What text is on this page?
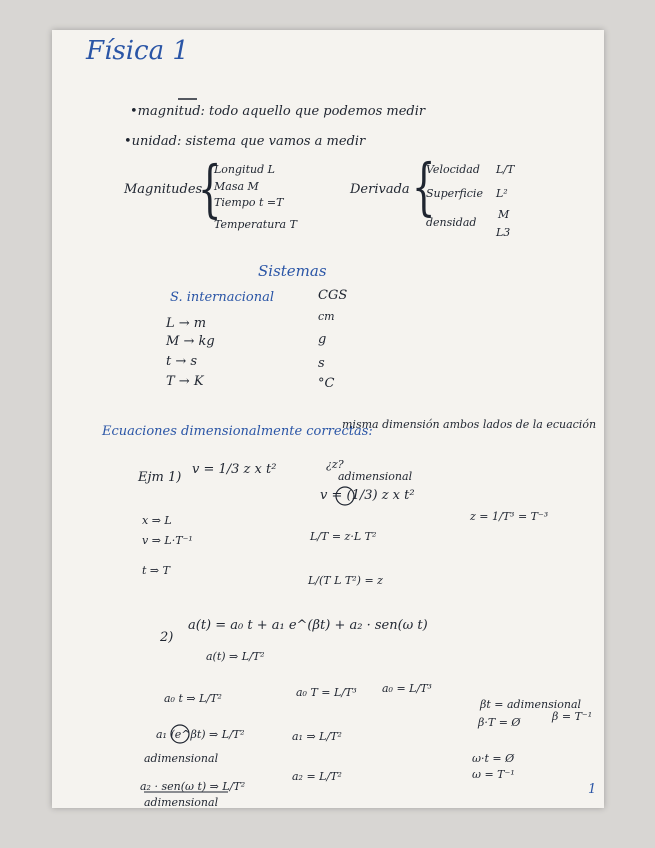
Física 1
•magnitud: todo aquello que podemos medir
•unidad: sistema que vamos a medir
Magnitudes
{
Longitud L
Masa M
Tiempo t =T
Temperatura T
Derivada {
Velocidad L/T
Superficie L²
densidad
M
L3
Sistemas
S. internacional	CGS
L → m	cm
M → kg	g
t → s	s
T → K	°C
Ecuaciones dimensionalmente correctas:
misma dimensión ambos lados de la ecuación
Ejm 1)
v = 1/3 z x t²	¿z?
adimensional
v = (1/3) z x t²
x ⇒ L
v ⇒ L·T⁻¹
t ⇒ T
L/T = z·L T²
L/(T L T²) = z
z = 1/T³ = T⁻³
2)
a(t) = a₀ t + a₁ e^(βt) + a₂ · sen(ω t)
a(t) ⇒ L/T²
a₀ t ⇒ L/T²	a₀ T = L/T³ a₀ = L/T³
a₁ (e^βt) ⇒ L/T²
adimensional
a₁ ⇒ L/T²
a₂ · sen(ω t) ⇒ L/T²
adimensional
a₂ = L/T²
βt = adimensional
β·T = Ø	β = T⁻¹
ω·t = Ø
ω = T⁻¹
1
